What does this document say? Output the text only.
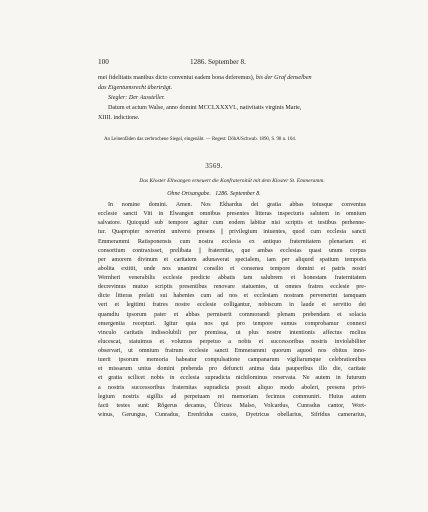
100	1286. September 8.

mei fidelitatis manibus dicto conventui eadem bona deferemus), bis der Graf denselben

das Eigentumsrecht überträgt.

Siegler: Der Aussteller.

Datum et actum Walse, anno domini MCCLXXXVI., nativitatis virginis Marie,

XIIII. indictione.

An Leinenfäden das zerbrochene Siegel, eingenäht. — Regest: DöhA/Schwab. 1890, S. 98 n. 104.

3569.
Das Kloster Ellwangen erneuert die Konfraternität mit dem Kloster St. Emmeramm.
Ohne Ortsangabe. 1286. September 8.
In nomine domini. Amen. Nos Ekhardus dei gratia abbas totusque conventus
ecclesie sancti Viti in Elwangen omnibus presentes litteras inspecturis salutem in omnium
salvatore. Quicquid sub tempore agitur cum eodem labitur nisi scriptis et testibus perhenne-
tur. Quapropter noverint universi presens || privilegium intuentes, quod cum ecclesia sancti
Emmerammi Ratisponensis cum nostra ecclesia ex antiquo fraternitatem plenariam et
consortium contraxisset, prelibata || fraternitas, que ambas ecclesias quasi unum corpus
per amorem divinum et caritatem adunaverat specialem, iam per aliquod spatium temporis
abolita extitit, unde nos unanimi consilio et consensu tempore domini et patris nostri
Wernheri venerabilis ecclesie predicte abbatis tam salubrem et honestam fraternitatem
decrevimus mutuo scriptis presentibus renovare statuentes, ut omnes fratres ecclesie pre-
dicte litteras prelati sui habentes cum ad nos et ecclesiam nostram pervenerint tamquam
veri et legitimi fratres nostre ecclesie colligantur, nobiscum in laude et servitio dei
quamdiu ipsorum pater et abbas permiserit commorandi plenam prebendam et solacia
emergentia recepturi. Igitur quia nos qui pro tempore sumus comprobamur connexi
vinculo caritatis indissolubili per premissa, ut plus nostre intentionis affectus mclius
elucescat, statuimus et volumus perpetuo a nobis et successoribus nostris inviolabiliter
observari, ut omnium fratrum ecclesie sancti Emmerammi quorum aquod nos obitus inno-
tuerit ipsorum memoria habeatur compulsatione campanarum vigiliarumque celebrationibus
et missarum unius domini prebenda pro defuncti anima data pauperibus illo die, caritate
et gratia scilicet nobis in ecclesia supradicta nichilominus reservata. Ne autem in futurum
a nostris successoribus fraternitas supradicta possit aliquo modo aboleri, presens privi-
legium nostris sigillis ad perpetuam rei memoriam fecimus communiri. Huius autem
facti testes sunt: Rŏgerus decanus, Ŭlricus Malso, Volcardus, Cunradus cantor, Wort-
winus, Gerungus, Cunradus, Erenfridus custos, Dyetricus obellarius, Sifridus camerarius,
